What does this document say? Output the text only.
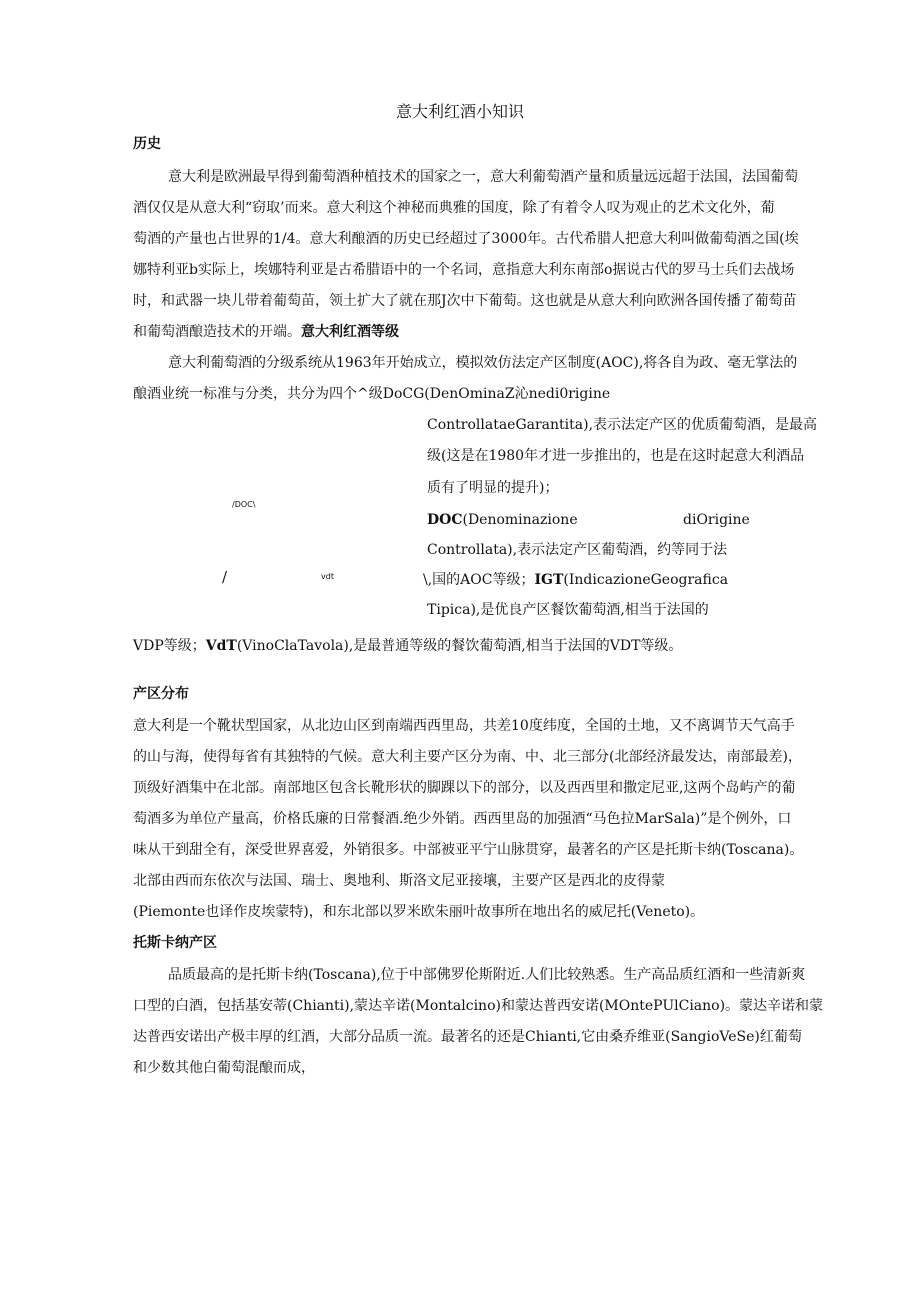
意大利红酒小知识
历史
意大利是欧洲最早得到葡萄酒种植技术的国家之一，意大利葡萄酒产量和质量远远超于法国，法国葡萄
酒仅仅是从意大利“窃取’而来。意大利这个神秘而典雅的国度，除了有着令人叹为观止的艺术文化外，葡
萄酒的产量也占世界的1/4。意大利酿酒的历史已经超过了3000年。古代希腊人把意大利叫做葡萄酒之国(埃
娜特利亚b实际上，埃娜特利亚是古希腊语中的一个名词，意指意大利东南部o据说古代的罗马士兵们去战场
时，和武器一块儿带着葡萄苗，领土扩大了就在那J次中下葡萄。这也就是从意大利向欧洲各国传播了葡萄苗
和葡萄酒酿造技术的开端。意大利红酒等级
意大利葡萄酒的分级系统从1963年开始成立，模拟效仿法定产区制度(AOC),将各自为政、毫无掌法的
酿酒业统一标准与分类，共分为四个^级DoCG(DenOminaZ沁nedi0rigine
ControllataeGarantita),表示法定产区的优质葡萄酒，是最高
级(这是在1980年才进一步推出的，也是在这时起意大利酒品
质有了明显的提升)；
/DOC\
DOC(Denominazione	diOrigine
Controllata),表示法定产区葡萄酒，约等同于法
/	vdt	\,国的AOC等级；IGT(IndicazioneGeografica
Tipica),是优良产区餐饮葡萄酒,相当于法国的
VDP等级；VdT(VinoClaTavola),是最普通等级的餐饮葡萄酒,相当于法国的VDT等级。
产区分布
意大利是一个靴状型国家，从北边山区到南端西西里岛，共差10度纬度，全国的土地，又不离调节天气高手
的山与海，使得每省有其独特的气候。意大利主要产区分为南、中、北三部分(北部经济最发达，南部最差)，
顶级好酒集中在北部。南部地区包含长靴形状的脚踝以下的部分，以及西西里和撒定尼亚,这两个岛屿产的葡
萄酒多为单位产量高，价格氐廉的日常餐酒.绝少外销。西西里岛的加强酒“马色拉MarSala)”是个例外，口
味从干到甜全有，深受世界喜爱，外销很多。中部被亚平宁山脉贯穿，最著名的产区是托斯卡纳(Toscana)。
北部由西而东依次与法国、瑞士、奥地利、斯洛文尼亚接壤，主要产区是西北的皮得蒙
(Piemonte也译作皮埃蒙特)，和东北部以罗米欧朱丽叶故事所在地出名的威尼托(Veneto)。
托斯卡纳产区
品质最高的是托斯卡纳(Toscana),位于中部佛罗伦斯附近.人们比较熟悉。生产高品质红酒和一些清新爽
口型的白酒，包括基安蒂(Chianti),蒙达辛诺(Montalcino)和蒙达普西安诺(MOntePUlCiano)。蒙达辛诺和蒙
达普西安诺出产极丰厚的红酒，大部分品质一流。最著名的还是Chianti,它由桑乔维亚(SangioVeSe)红葡萄
和少数其他白葡萄混酿而成，
